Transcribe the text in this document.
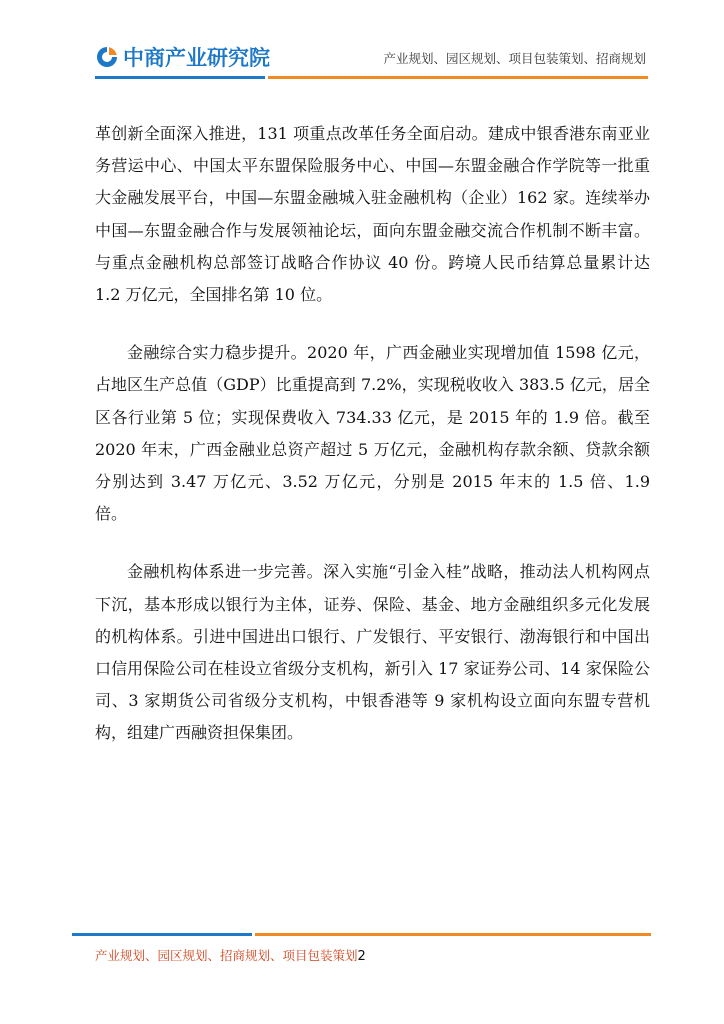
中商产业研究院	产业规划、园区规划、项目包装策划、招商规划

革创新全面深入推进，131 项重点改革任务全面启动。建成中银香港东南亚业务营运中心、中国太平东盟保险服务中心、中国—东盟金融合作学院等一批重大金融发展平台，中国—东盟金融城入驻金融机构（企业）162 家。连续举办中国—东盟金融合作与发展领袖论坛，面向东盟金融交流合作机制不断丰富。与重点金融机构总部签订战略合作协议 40 份。跨境人民币结算总量累计达 1.2 万亿元，全国排名第 10 位。

金融综合实力稳步提升。2020 年，广西金融业实现增加值 1598 亿元，占地区生产总值（GDP）比重提高到 7.2%，实现税收收入 383.5 亿元，居全区各行业第 5 位；实现保费收入 734.33 亿元，是 2015 年的 1.9 倍。截至 2020 年末，广西金融业总资产超过 5 万亿元，金融机构存款余额、贷款余额分别达到 3.47 万亿元、3.52 万亿元，分别是 2015 年末的 1.5 倍、1.9 倍。

金融机构体系进一步完善。深入实施“引金入桂”战略，推动法人机构网点下沉，基本形成以银行为主体，证券、保险、基金、地方金融组织多元化发展的机构体系。引进中国进出口银行、广发银行、平安银行、渤海银行和中国出口信用保险公司在桂设立省级分支机构，新引入 17 家证券公司、14 家保险公司、3 家期货公司省级分支机构，中银香港等 9 家机构设立面向东盟专营机构，组建广西融资担保集团。

产业规划、园区规划、招商规划、项目包装策划2
